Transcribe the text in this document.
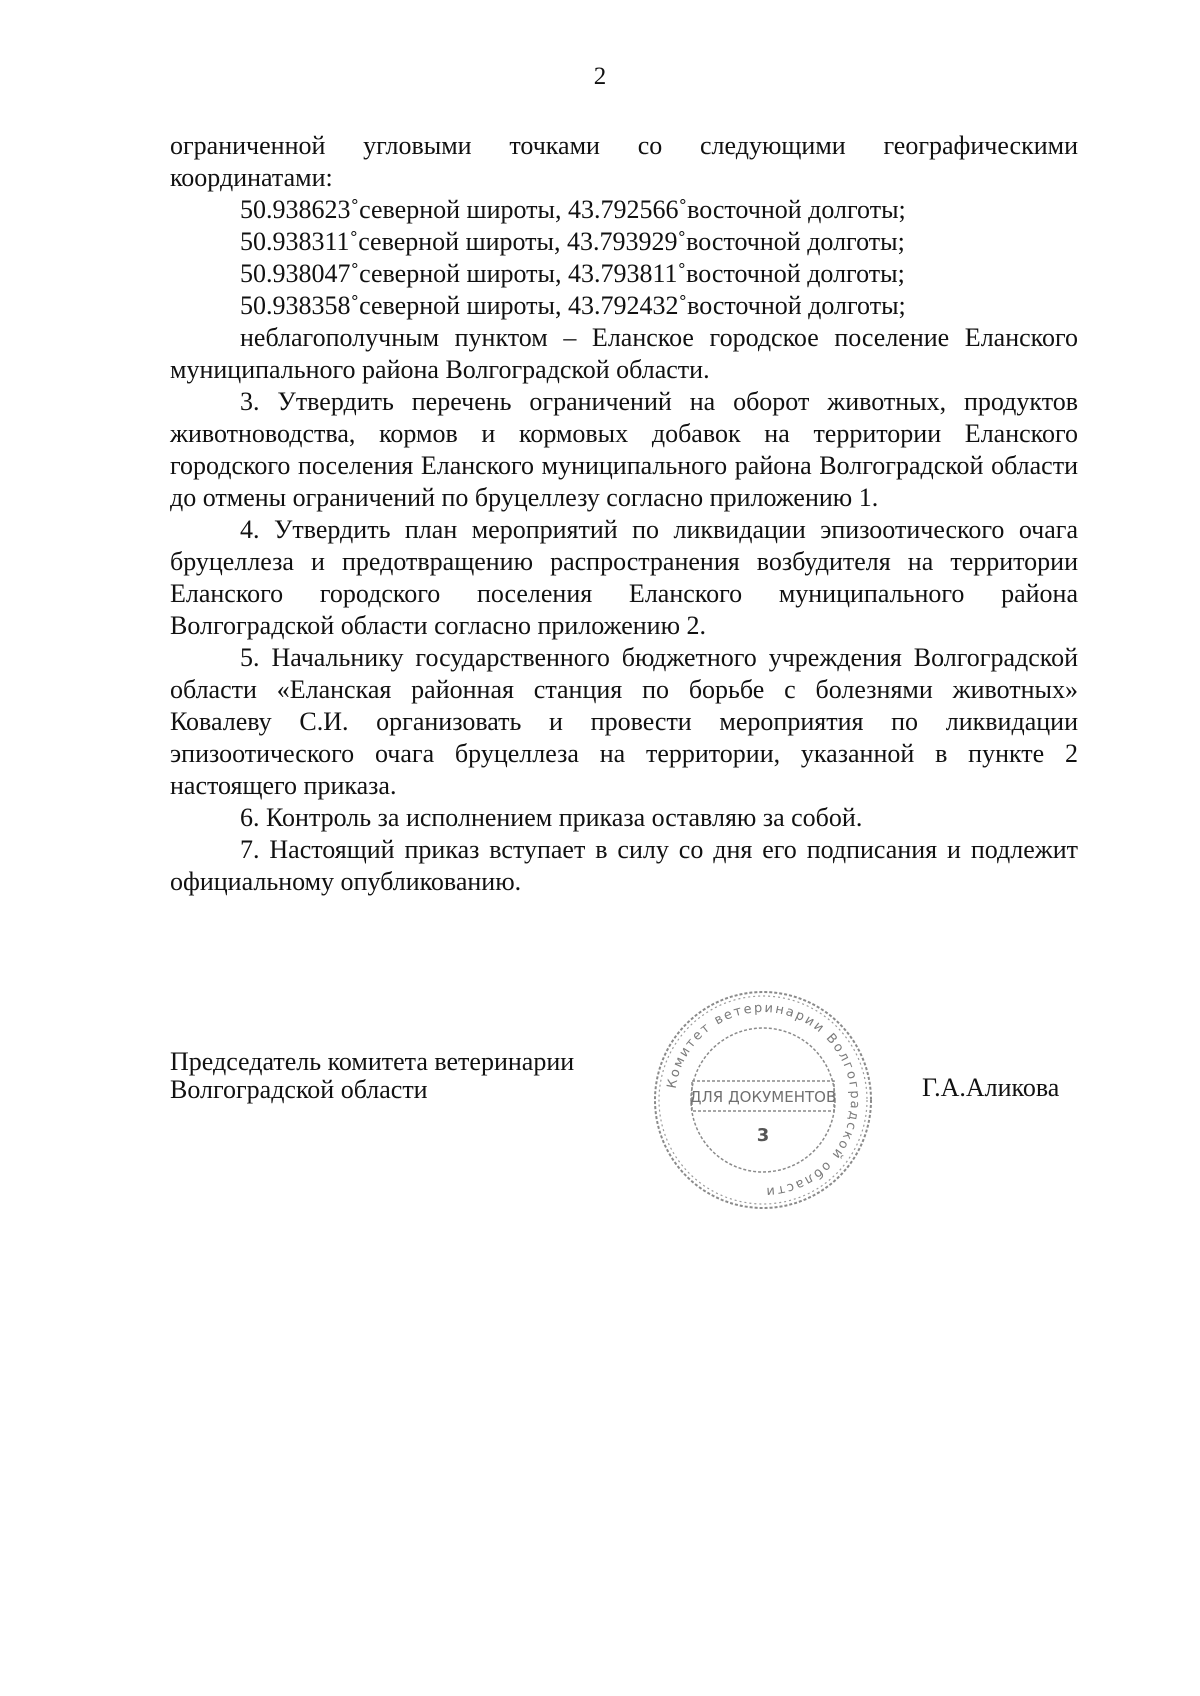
2

ограниченной угловыми точками со следующими географическими координатами:

50.938623˚северной широты, 43.792566˚восточной долготы;

50.938311˚северной широты, 43.793929˚восточной долготы;

50.938047˚северной широты, 43.793811˚восточной долготы;

50.938358˚северной широты, 43.792432˚восточной долготы;

неблагополучным пунктом – Еланское городское поселение Еланского муниципального района Волгоградской области.

3. Утвердить перечень ограничений на оборот животных, продуктов животноводства, кормов и кормовых добавок на территории Еланского городского поселения Еланского муниципального района Волгоградской области до отмены ограничений по бруцеллезу согласно приложению 1.

4. Утвердить план мероприятий по ликвидации эпизоотического очага бруцеллеза и предотвращению распространения возбудителя на территории Еланского городского поселения Еланского муниципального района Волгоградской области согласно приложению 2.

5. Начальнику государственного бюджетного учреждения Волгоградской области «Еланская районная станция по борьбе с болезнями животных» Ковалеву С.И. организовать и провести мероприятия по ликвидации эпизоотического очага бруцеллеза на территории, указанной в пункте 2 настоящего приказа.

6. Контроль за исполнением приказа оставляю за собой.

7. Настоящий приказ вступает в силу со дня его подписания и подлежит официальному опубликованию.

Председатель комитета ветеринарии
Волгоградской области	Комитет ветеринарии Волгоградской области
ДЛЯ ДОКУМЕНТОВ
3
Г.А.Аликова
